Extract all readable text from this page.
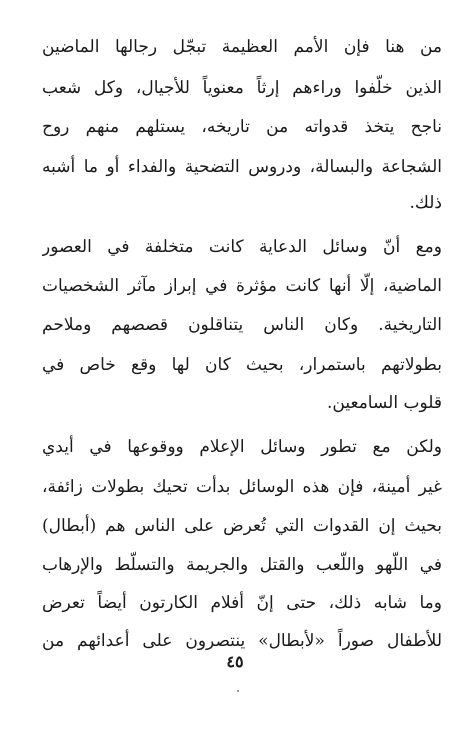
من هنا فإن الأمم العظيمة تبجّل رجالها الماضين
الذين خلّفوا وراءهم إرثاً معنوياً للأجيال، وكل شعب
ناجح يتخذ قدواته من تاريخه، يستلهم منهم روح
الشجاعة والبسالة، ودروس التضحية والفداء أو ما أشبه
ذلك.
ومع أنّ وسائل الدعاية كانت متخلفة في العصور
الماضية، إلّا أنها كانت مؤثرة في إبراز مآثر الشخصيات
التاريخية. وكان الناس يتناقلون قصصهم وملاحم
بطولاتهم باستمرار، بحيث كان لها وقع خاص في
قلوب السامعين.
ولكن مع تطور وسائل الإعلام ووقوعها في أيدي
غير أمينة، فإن هذه الوسائل بدأت تحيك بطولات زائفة،
بحيث إن القدوات التي تُعرض على الناس هم (أبطال)
في اللّهو واللّعب والقتل والجريمة والتسلّط والإرهاب
وما شابه ذلك، حتى إنّ أفلام الكارتون أيضاً تعرض
٤٥
للأطفال صوراً «لأبطال» ينتصرون على أعدائهم من
